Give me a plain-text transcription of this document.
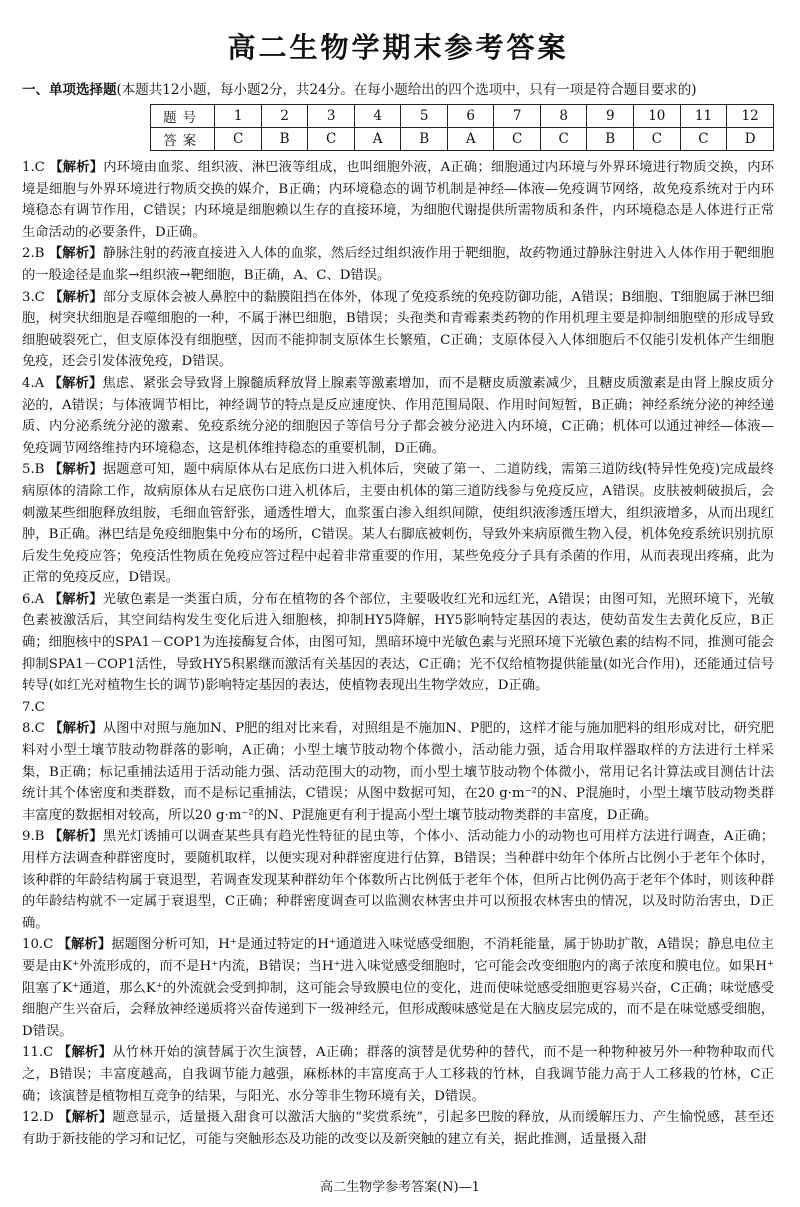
高二生物学期末参考答案
一、单项选择题(本题共12小题，每小题2分，共24分。在每小题给出的四个选项中，只有一项是符合题目要求的)
题号	1	2	3	4	5	6	7	8	9	10	11	12
答案	C	B	C	A	B	A	C	C	B	C	C	D

1.C 【解析】内环境由血浆、组织液、淋巴液等组成，也叫细胞外液，A正确；细胞通过内环境与外界环境进行物质交换，内环境是细胞与外界环境进行物质交换的媒介，B正确；内环境稳态的调节机制是神经—体液—免疫调节网络，故免疫系统对于内环境稳态有调节作用，C错误；内环境是细胞赖以生存的直接环境，为细胞代谢提供所需物质和条件，内环境稳态是人体进行正常生命活动的必要条件，D正确。

2.B 【解析】静脉注射的药液直接进入人体的血浆，然后经过组织液作用于靶细胞，故药物通过静脉注射进入人体作用于靶细胞的一般途径是血浆→组织液→靶细胞，B正确，A、C、D错误。

3.C 【解析】部分支原体会被人鼻腔中的黏膜阻挡在体外，体现了免疫系统的免疫防御功能，A错误；B细胞、T细胞属于淋巴细胞，树突状细胞是吞噬细胞的一种，不属于淋巴细胞，B错误；头孢类和青霉素类药物的作用机理主要是抑制细胞壁的形成导致细胞破裂死亡，但支原体没有细胞壁，因而不能抑制支原体生长繁殖，C正确；支原体侵入人体细胞后不仅能引发机体产生细胞免疫，还会引发体液免疫，D错误。

4.A 【解析】焦虑、紧张会导致肾上腺髓质释放肾上腺素等激素增加，而不是糖皮质激素减少，且糖皮质激素是由肾上腺皮质分泌的，A错误；与体液调节相比，神经调节的特点是反应速度快、作用范围局限、作用时间短暂，B正确；神经系统分泌的神经递质、内分泌系统分泌的激素、免疫系统分泌的细胞因子等信号分子都会被分泌进入内环境，C正确；机体可以通过神经—体液—免疫调节网络维持内环境稳态，这是机体维持稳态的重要机制，D正确。

5.B 【解析】据题意可知，题中病原体从右足底伤口进入机体后，突破了第一、二道防线，需第三道防线(特异性免疫)完成最终病原体的清除工作，故病原体从右足底伤口进入机体后，主要由机体的第三道防线参与免疫反应，A错误。皮肤被刺破损后，会刺激某些细胞释放组胺，毛细血管舒张，通透性增大，血浆蛋白渗入组织间隙，使组织液渗透压增大，组织液增多，从而出现红肿，B正确。淋巴结是免疫细胞集中分布的场所，C错误。某人右脚底被刺伤，导致外来病原微生物入侵，机体免疫系统识别抗原后发生免疫应答；免疫活性物质在免疫应答过程中起着非常重要的作用，某些免疫分子具有杀菌的作用，从而表现出疼痛，此为正常的免疫反应，D错误。

6.A 【解析】光敏色素是一类蛋白质，分布在植物的各个部位，主要吸收红光和远红光，A错误；由图可知，光照环境下，光敏色素被激活后，其空间结构发生变化后进入细胞核，抑制HY5降解，HY5影响特定基因的表达，使幼苗发生去黄化反应，B正确；细胞核中的SPA1－COP1为连接酶复合体，由图可知，黑暗环境中光敏色素与光照环境下光敏色素的结构不同，推测可能会抑制SPA1－COP1活性，导致HY5积累继而激活有关基因的表达，C正确；光不仅给植物提供能量(如光合作用)，还能通过信号转导(如红光对植物生长的调节)影响特定基因的表达，使植物表现出生物学效应，D正确。

7.C

8.C 【解析】从图中对照与施加N、P肥的组对比来看，对照组是不施加N、P肥的，这样才能与施加肥料的组形成对比，研究肥料对小型土壤节肢动物群落的影响，A正确；小型土壤节肢动物个体微小，活动能力强，适合用取样器取样的方法进行土样采集，B正确；标记重捕法适用于活动能力强、活动范围大的动物，而小型土壤节肢动物个体微小，常用记名计算法或目测估计法统计其个体密度和类群数，而不是标记重捕法，C错误；从图中数据可知，在20 g·m⁻²的N、P混施时，小型土壤节肢动物类群丰富度的数据相对较高，所以20 g·m⁻²的N、P混施更有利于提高小型土壤节肢动物类群的丰富度，D正确。

9.B 【解析】黑光灯诱捕可以调查某些具有趋光性特征的昆虫等，个体小、活动能力小的动物也可用样方法进行调查，A正确；用样方法调查种群密度时，要随机取样，以便实现对种群密度进行估算，B错误；当种群中幼年个体所占比例小于老年个体时，该种群的年龄结构属于衰退型，若调查发现某种群幼年个体数所占比例低于老年个体，但所占比例仍高于老年个体时，则该种群的年龄结构就不一定属于衰退型，C正确；种群密度调查可以监测农林害虫并可以预报农林害虫的情况，以及时防治害虫，D正确。

10.C 【解析】据题图分析可知，H⁺是通过特定的H⁺通道进入味觉感受细胞，不消耗能量，属于协助扩散，A错误；静息电位主要是由K⁺外流形成的，而不是H⁺内流，B错误；当H⁺进入味觉感受细胞时，它可能会改变细胞内的离子浓度和膜电位。如果H⁺阻塞了K⁺通道，那么K⁺的外流就会受到抑制，这可能会导致膜电位的变化，进而使味觉感受细胞更容易兴奋，C正确；味觉感受细胞产生兴奋后，会释放神经递质将兴奋传递到下一级神经元，但形成酸味感觉是在大脑皮层完成的，而不是在味觉感受细胞，D错误。

11.C 【解析】从竹林开始的演替属于次生演替，A正确；群落的演替是优势种的替代，而不是一种物种被另外一种物种取而代之，B错误；丰富度越高，自我调节能力越强，麻栎林的丰富度高于人工移栽的竹林，自我调节能力高于人工移栽的竹林，C正确；该演替是植物相互竞争的结果，与阳光、水分等非生物环境有关，D错误。

12.D 【解析】题意显示，适量摄入甜食可以激活大脑的“奖赏系统”，引起多巴胺的释放，从而缓解压力、产生愉悦感，甚至还有助于新技能的学习和记忆，可能与突触形态及功能的改变以及新突触的建立有关，据此推测，适量摄入甜

高二生物学参考答案(N)—1
